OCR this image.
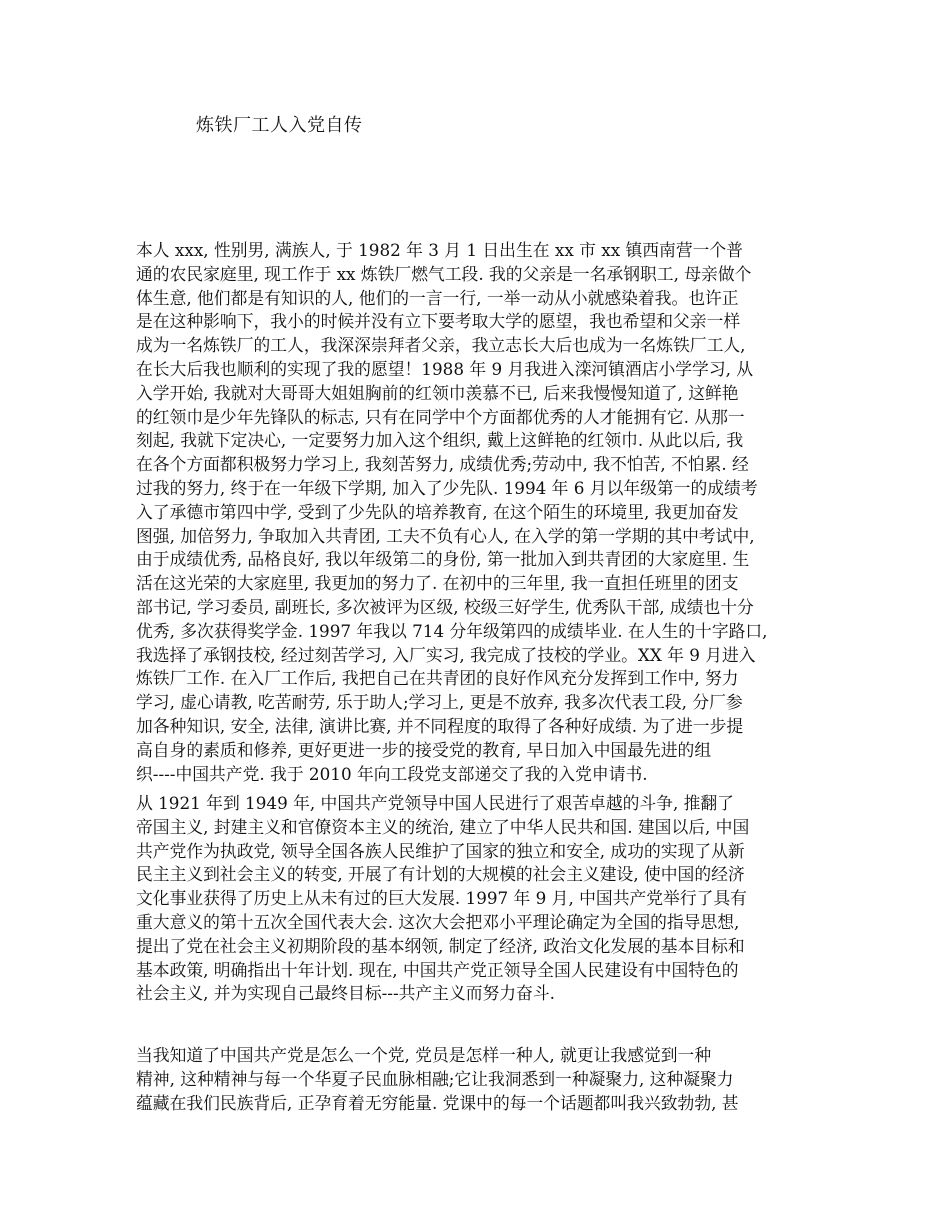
炼铁厂工人入党自传

本人 xxx, 性别男, 满族人, 于 1982 年 3 月 1 日出生在 xx 市 xx 镇西南营一个普
通的农民家庭里, 现工作于 xx 炼铁厂燃气工段. 我的父亲是一名承钢职工, 母亲做个
体生意, 他们都是有知识的人, 他们的一言一行, 一举一动从小就感染着我。也许正
是在这种影响下，我小的时候并没有立下要考取大学的愿望，我也希望和父亲一样
成为一名炼铁厂的工人，我深深崇拜者父亲，我立志长大后也成为一名炼铁厂工人,
在长大后我也顺利的实现了我的愿望！1988 年 9 月我进入滦河镇酒店小学学习, 从
入学开始, 我就对大哥哥大姐姐胸前的红领巾羡慕不已, 后来我慢慢知道了, 这鲜艳
的红领巾是少年先锋队的标志, 只有在同学中个方面都优秀的人才能拥有它. 从那一
刻起, 我就下定决心, 一定要努力加入这个组织, 戴上这鲜艳的红领巾. 从此以后, 我
在各个方面都积极努力学习上, 我刻苦努力, 成绩优秀;劳动中, 我不怕苦, 不怕累. 经
过我的努力, 终于在一年级下学期, 加入了少先队. 1994 年 6 月以年级第一的成绩考
入了承德市第四中学, 受到了少先队的培养教育, 在这个陌生的环境里, 我更加奋发
图强, 加倍努力, 争取加入共青团, 工夫不负有心人, 在入学的第一学期的其中考试中,
由于成绩优秀, 品格良好, 我以年级第二的身份, 第一批加入到共青团的大家庭里. 生
活在这光荣的大家庭里, 我更加的努力了. 在初中的三年里, 我一直担任班里的团支
部书记, 学习委员, 副班长, 多次被评为区级, 校级三好学生, 优秀队干部, 成绩也十分
优秀, 多次获得奖学金. 1997 年我以 714 分年级第四的成绩毕业. 在人生的十字路口,
我选择了承钢技校, 经过刻苦学习, 入厂实习, 我完成了技校的学业。XX 年 9 月进入
炼铁厂工作. 在入厂工作后, 我把自己在共青团的良好作风充分发挥到工作中, 努力
学习, 虚心请教, 吃苦耐劳, 乐于助人;学习上, 更是不放弃, 我多次代表工段, 分厂参
加各种知识, 安全, 法律, 演讲比赛, 并不同程度的取得了各种好成绩. 为了进一步提
高自身的素质和修养, 更好更进一步的接受党的教育, 早日加入中国最先进的组
织----中国共产党. 我于 2010 年向工段党支部递交了我的入党申请书.

从 1921 年到 1949 年, 中国共产党领导中国人民进行了艰苦卓越的斗争, 推翻了
帝国主义, 封建主义和官僚资本主义的统治, 建立了中华人民共和国. 建国以后, 中国
共产党作为执政党, 领导全国各族人民维护了国家的独立和安全, 成功的实现了从新
民主主义到社会主义的转变, 开展了有计划的大规模的社会主义建设, 使中国的经济
文化事业获得了历史上从未有过的巨大发展. 1997 年 9 月, 中国共产党举行了具有
重大意义的第十五次全国代表大会. 这次大会把邓小平理论确定为全国的指导思想,
提出了党在社会主义初期阶段的基本纲领, 制定了经济, 政治文化发展的基本目标和
基本政策, 明确指出十年计划. 现在, 中国共产党正领导全国人民建设有中国特色的
社会主义, 并为实现自己最终目标---共产主义而努力奋斗.

当我知道了中国共产党是怎么一个党, 党员是怎样一种人, 就更让我感觉到一种
精神, 这种精神与每一个华夏子民血脉相融;它让我洞悉到一种凝聚力, 这种凝聚力
蕴藏在我们民族背后, 正孕育着无穷能量. 党课中的每一个话题都叫我兴致勃勃, 甚
